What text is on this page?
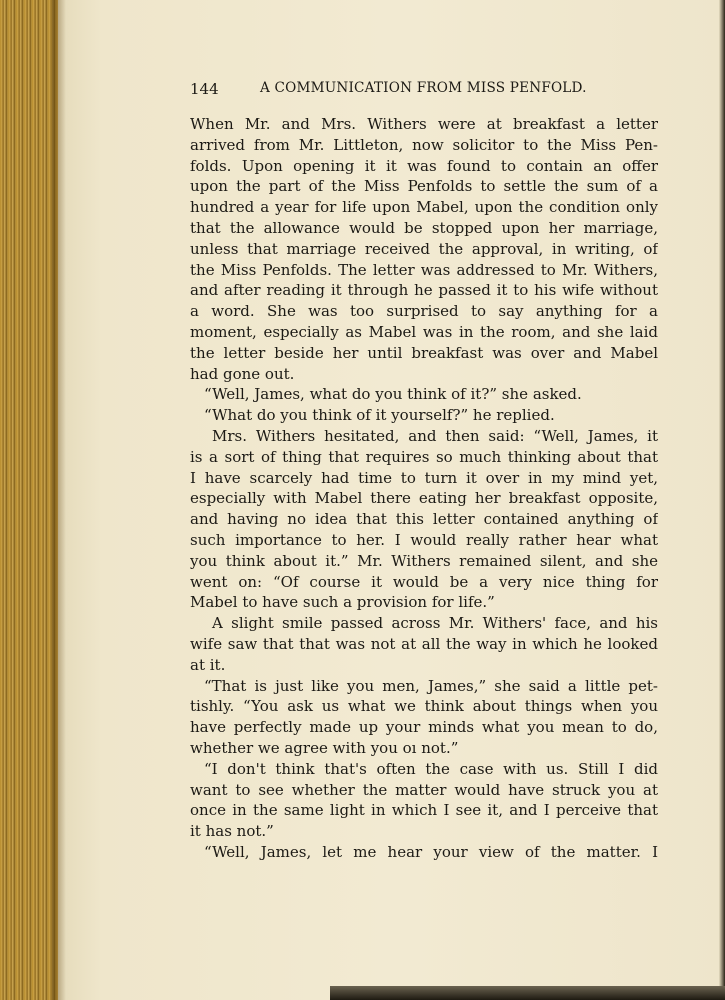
144	A COMMUNICATION FROM MISS PENFOLD.
When Mr. and Mrs. Withers were at breakfast a letter
arrived from Mr. Littleton, now solicitor to the Miss Pen-
folds. Upon opening it it was found to contain an offer
upon the part of the Miss Penfolds to settle the sum of a
hundred a year for life upon Mabel, upon the condition only
that the allowance would be stopped upon her marriage,
unless that marriage received the approval, in writing, of
the Miss Penfolds. The letter was addressed to Mr. Withers,
and after reading it through he passed it to his wife without
a word. She was too surprised to say anything for a
moment, especially as Mabel was in the room, and she laid
the letter beside her until breakfast was over and Mabel
had gone out.
“Well, James, what do you think of it?” she asked.
“What do you think of it yourself?” he replied.
Mrs. Withers hesitated, and then said: “Well, James, it
is a sort of thing that requires so much thinking about that
I have scarcely had time to turn it over in my mind yet,
especially with Mabel there eating her breakfast opposite,
and having no idea that this letter contained anything of
such importance to her. I would really rather hear what
you think about it.” Mr. Withers remained silent, and she
went on: “Of course it would be a very nice thing for
Mabel to have such a provision for life.”
A slight smile passed across Mr. Withers' face, and his
wife saw that that was not at all the way in which he looked
at it.
“That is just like you men, James,” she said a little pet-
tishly. “You ask us what we think about things when you
have perfectly made up your minds what you mean to do,
whether we agree with you oı not.”
“I don't think that's often the case with us. Still I did
want to see whether the matter would have struck you at
once in the same light in which I see it, and I perceive that
it has not.”
“Well, James, let me hear your view of the matter. I
